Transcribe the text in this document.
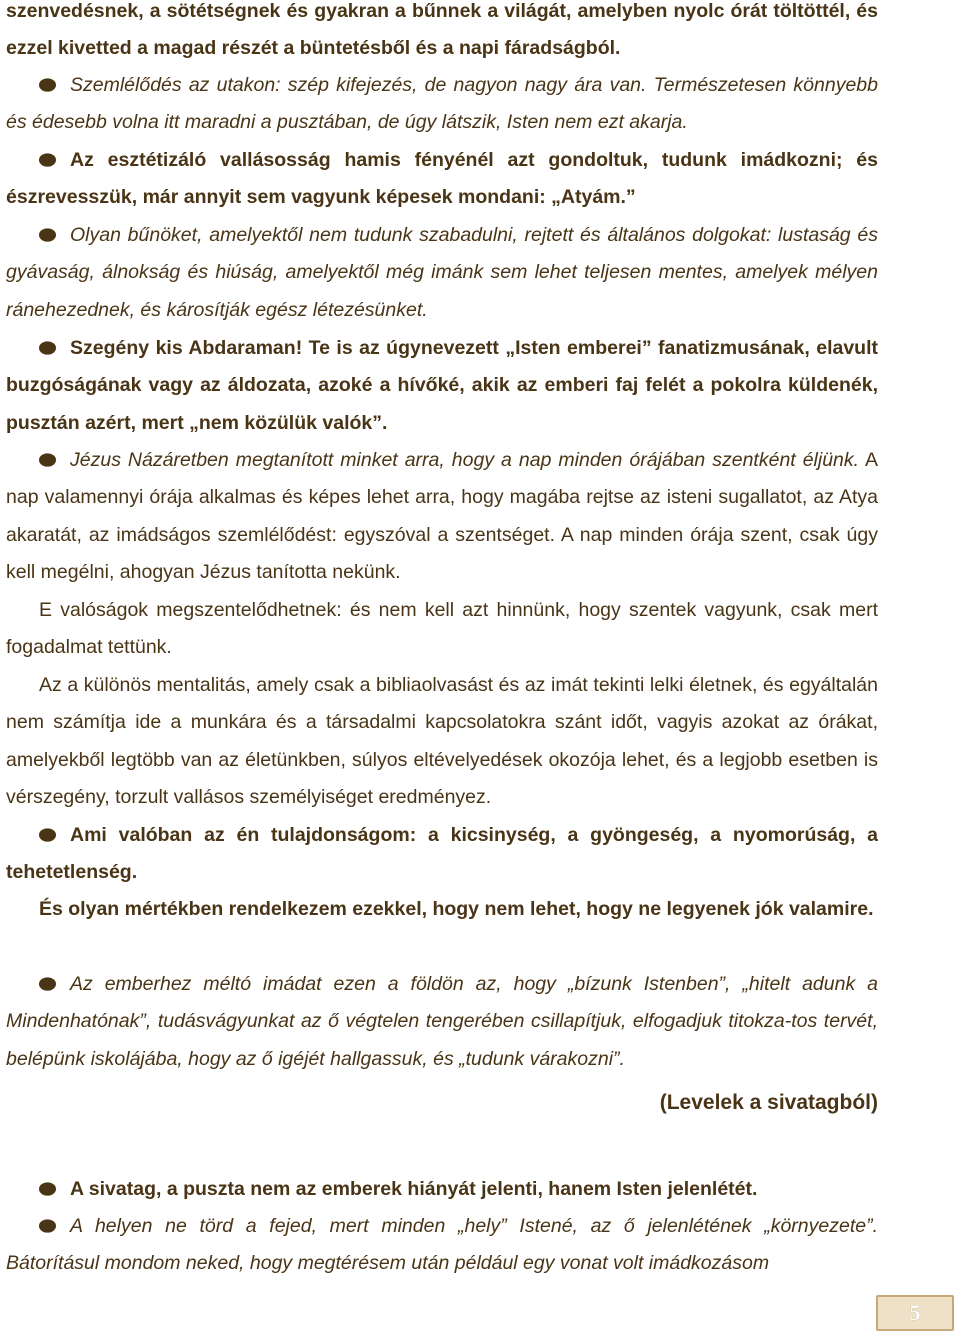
szenvedésnek, a sötétségnek és gyakran a bűnnek a világát, amelyben nyolc órát töltöttél, és ezzel kivetted a magad részét a büntetésből és a napi fáradságból.

Szemlélődés az utakon: szép kifejezés, de nagyon nagy ára van. Természetesen könnyebb és édesebb volna itt maradni a pusztában, de úgy látszik, Isten nem ezt akarja.

Az esztétizáló vallásosság hamis fényénél azt gondoltuk, tudunk imádkozni; és észrevesszük, már annyit sem vagyunk képesek mondani: „Atyám.”

Olyan bűnöket, amelyektől nem tudunk szabadulni, rejtett és általános dolgokat: lustaság és gyávaság, álnokság és hiúság, amelyektől még imánk sem lehet teljesen mentes, amelyek mélyen ránehezednek, és károsítják egész létezésünket.

Szegény kis Abdaraman! Te is az úgynevezett „Isten emberei” fanatizmusának, elavult buzgóságának vagy az áldozata, azoké a hívőké, akik az emberi faj felét a pokolra küldenék, pusztán azért, mert „nem közülük valók”.

Jézus Názáretben megtanított minket arra, hogy a nap minden órájában szentként éljünk. A nap valamennyi órája alkalmas és képes lehet arra, hogy magába rejtse az isteni sugallatot, az Atya akaratát, az imádságos szemlélődést: egyszóval a szentséget. A nap minden órája szent, csak úgy kell megélni, ahogyan Jézus tanította nekünk.

E valóságok megszentelődhetnek: és nem kell azt hinnünk, hogy szentek vagyunk, csak mert fogadalmat tettünk.

Az a különös mentalitás, amely csak a bibliaolvasást és az imát tekinti lelki életnek, és egyáltalán nem számítja ide a munkára és a társadalmi kapcsolatokra szánt időt, vagyis azokat az órákat, amelyekből legtöbb van az életünkben, súlyos eltévelyedések okozója lehet, és a legjobb esetben is vérszegény, torzult vallásos személyiséget eredményez.

Ami valóban az én tulajdonságom: a kicsinység, a gyöngeség, a nyomorúság, a tehetetlenség.

És olyan mértékben rendelkezem ezekkel, hogy nem lehet, hogy ne legyenek jók valamire.

Az emberhez méltó imádat ezen a földön az, hogy „bízunk Istenben”, „hitelt adunk a Mindenhatónak”, tudásvágyunkat az ő végtelen tengerében csillapítjuk, elfogadjuk titokza-tos tervét, belépünk iskolájába, hogy az ő igéjét hallgassuk, és „tudunk várakozni”.

(Levelek a sivatagból)

A sivatag, a puszta nem az emberek hiányát jelenti, hanem Isten jelenlétét.

A helyen ne törd a fejed, mert minden „hely” Istené, az ő jelenlétének „környezete”. Bátorításul mondom neked, hogy megtérésem után például egy vonat volt imádkozásom

5
